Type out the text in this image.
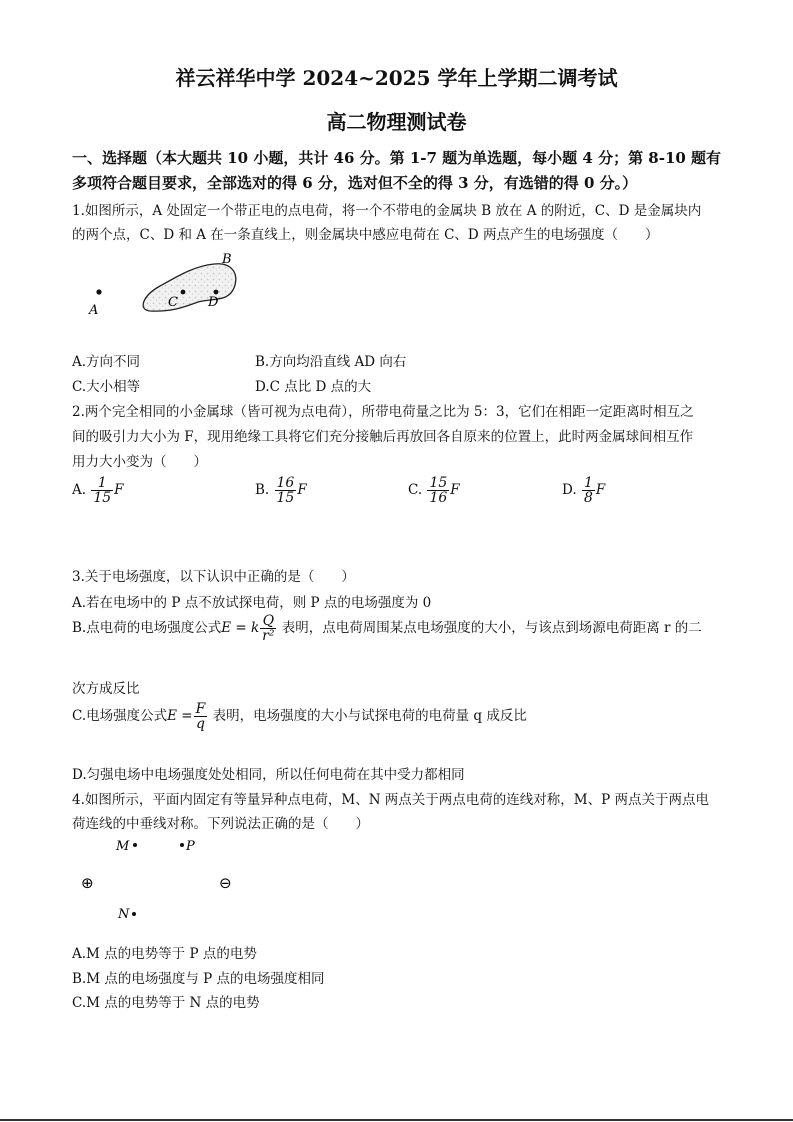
祥云祥华中学 2024~2025 学年上学期二调考试
高二物理测试卷
一、选择题（本大题共 10 小题，共计 46 分。第 1-7 题为单选题，每小题 4 分；第 8-10 题有
多项符合题目要求，全部选对的得 6 分，选对但不全的得 3 分，有选错的得 0 分。）
1.如图所示，A 处固定一个带正电的点电荷，将一个不带电的金属块 B 放在 A 的附近，C、D 是金属块内
的两个点，C、D 和 A 在一条直线上，则金属块中感应电荷在 C、D 两点产生的电场强度（　　）
A
B
C D
A.方向不同	B.方向均沿直线 AD 向右
C.大小相等	D.C 点比 D 点的大
2.两个完全相同的小金属球（皆可视为点电荷），所带电荷量之比为 5：3，它们在相距一定距离时相互之
间的吸引力大小为 F，现用绝缘工具将它们充分接触后再放回各自原来的位置上，此时两金属球间相互作
用力大小变为（　　）
A. $\frac{1}{15}$ F	B. $\frac{16}{15}$ F	C. $\frac{15}{16}$ F	D. $\frac{1}{8}$ F
3.关于电场强度，以下认识中正确的是（　　）
A.若在电场中的 P 点不放试探电荷，则 P 点的电场强度为 0
B.点电荷的电场强度公式E = k $\frac{Q}{\text{r²}}$ 表明，点电荷周围某点电场强度的大小，与该点到场源电荷距离 r 的二
次方成反比
C.电场强度公式$E = \frac{F}{q}$ 表明，电场强度的大小与试探电荷的电荷量 q 成反比
D.匀强电场中电场强度处处相同，所以任何电荷在其中受力都相同
4.如图所示，平面内固定有等量异种点电荷，M、N 两点关于两点电荷的连线对称，M、P 两点关于两点电
荷连线的中垂线对称。下列说法正确的是（　　）
M	P
⊕	⊖
N
A.M 点的电势等于 P 点的电势
B.M 点的电场强度与 P 点的电场强度相同
C.M 点的电势等于 N 点的电势
